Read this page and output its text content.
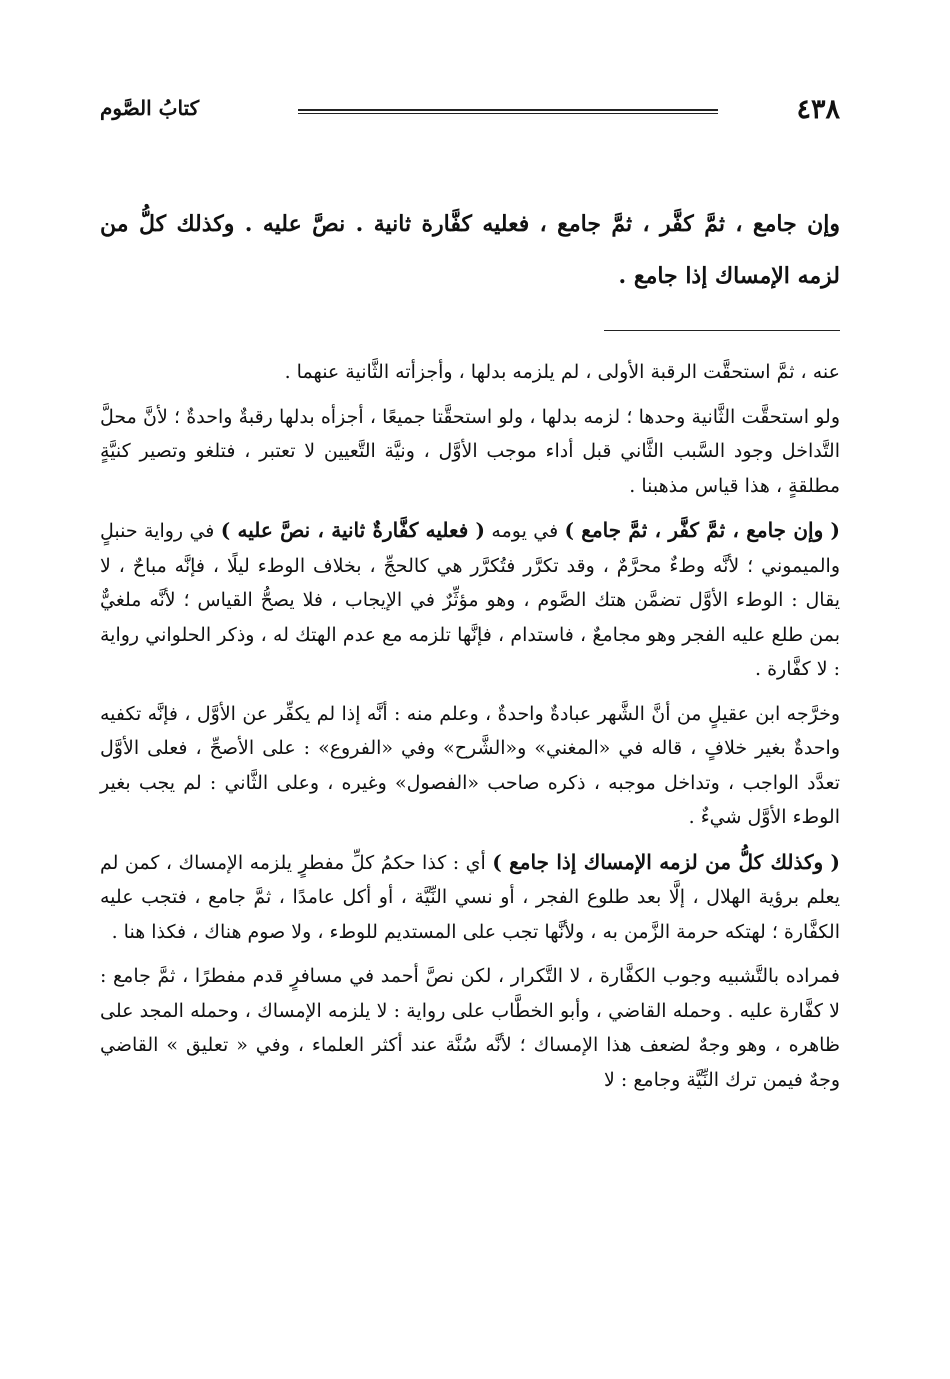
٤٣٨
كتابُ الصَّوم
وإن جامع ، ثمَّ كفَّر ، ثمَّ جامع ، فعليه كفَّارة ثانية . نصَّ عليه . وكذلك كلُّ من لزمه الإمساك إذا جامع .

عنه ، ثمَّ استحقَّت الرقبة الأولى ، لم يلزمه بدلها ، وأجزأته الثَّانية عنهما .

ولو استحقَّت الثَّانية وحدها ؛ لزمه بدلها ، ولو استحقَّتا جميعًا ، أجزأه بدلها رقبةٌ واحدةٌ ؛ لأنَّ محلَّ التَّداخل وجود السَّبب الثَّاني قبل أداء موجب الأوَّل ، ونيَّة التَّعيين لا تعتبر ، فتلغو وتصير كنيَّةٍ مطلقةٍ ، هذا قياس مذهبنا .

( وإن جامع ، ثمَّ كفَّر ، ثمَّ جامع ) في يومه ( فعليه كفَّارةٌ ثانية ، نصَّ عليه ) في رواية حنبلٍ والميموني ؛ لأنَّه وطءٌ محرَّمٌ ، وقد تكرَّر فتُكرَّر هي كالحجِّ ، بخلاف الوطء ليلًا ، فإنَّه مباحٌ ، لا يقال : الوطء الأوَّل تضمَّن هتك الصَّوم ، وهو مؤثِّرٌ في الإيجاب ، فلا يصحُّ القياس ؛ لأنَّه ملغيٌّ بمن طلع عليه الفجر وهو مجامعٌ ، فاستدام ، فإنَّها تلزمه مع عدم الهتك له ، وذكر الحلواني رواية : لا كفَّارة .

وخرَّجه ابن عقيلٍ من أنَّ الشَّهر عبادةٌ واحدةٌ ، وعلم منه : أنَّه إذا لم يكفِّر عن الأوَّل ، فإنَّه تكفيه واحدةٌ بغير خلافٍ ، قاله في «المغني» و«الشَّرح» وفي «الفروع» : على الأصحِّ ، فعلى الأوَّل تعدَّد الواجب ، وتداخل موجبه ، ذكره صاحب «الفصول» وغيره ، وعلى الثَّاني : لم يجب بغير الوطء الأوَّل شيءٌ .

( وكذلك كلُّ من لزمه الإمساك إذا جامع ) أي : كذا حكمُ كلِّ مفطرٍ يلزمه الإمساك ، كمن لم يعلم برؤية الهلال ، إلَّا بعد طلوع الفجر ، أو نسي النِّيَّة ، أو أكل عامدًا ، ثمَّ جامع ، فتجب عليه الكفَّارة ؛ لهتكه حرمة الزَّمن به ، ولأنَّها تجب على المستديم للوطء ، ولا صوم هناك ، فكذا هنا .

فمراده بالتَّشبيه وجوب الكفَّارة ، لا التَّكرار ، لكن نصَّ أحمد في مسافرٍ قدم مفطرًا ، ثمَّ جامع : لا كفَّارة عليه . وحمله القاضي ، وأبو الخطَّاب على رواية : لا يلزمه الإمساك ، وحمله المجد على ظاهره ، وهو وجهٌ لضعف هذا الإمساك ؛ لأنَّه سُنَّة عند أكثر العلماء ، وفي « تعليق » القاضي وجهٌ فيمن ترك النِّيَّة وجامع : لا
